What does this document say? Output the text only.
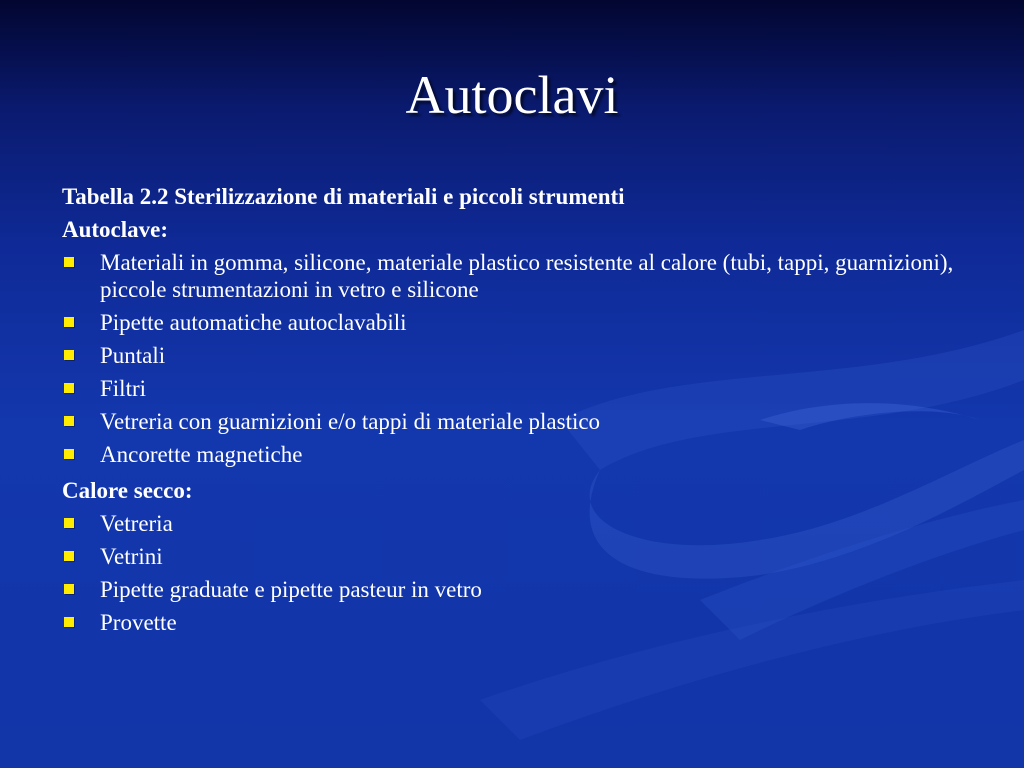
Autoclavi
Tabella 2.2 Sterilizzazione di materiali e piccoli strumenti
Autoclave:
Materiali in gomma, silicone, materiale plastico resistente al calore (tubi, tappi, guarnizioni), piccole strumentazioni in vetro e silicone
Pipette automatiche autoclavabili
Puntali
Filtri
Vetreria con guarnizioni e/o tappi di materiale plastico
Ancorette magnetiche
Calore secco:
Vetreria
Vetrini
Pipette graduate e pipette pasteur in vetro
Provette
